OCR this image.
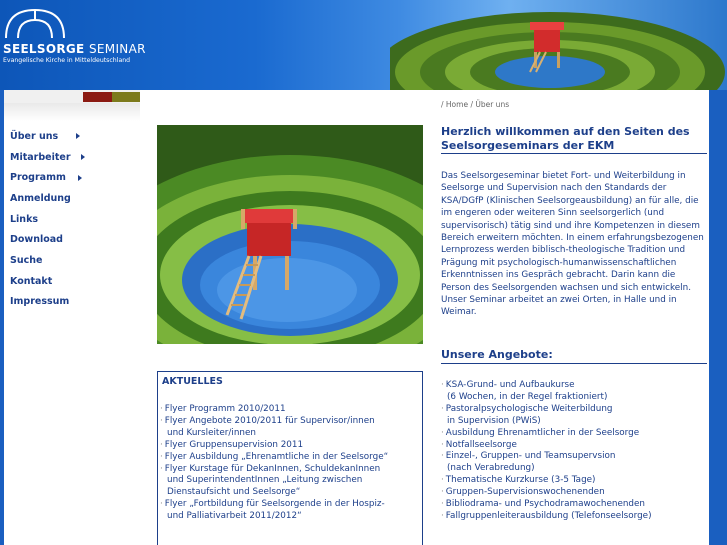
SEELSORGE SEMINAR
Evangelische Kirche in Mitteldeutschland
Über uns
Mitarbeiter
Programm
Anmeldung
Links
Download
Suche
Kontakt
Impressum
/ Home / Über uns
Herzlich willkommen auf den Seiten des Seelsorgeseminars der EKM
Das Seelsorgeseminar bietet Fort- und Weiterbildung in Seelsorge und Supervision nach den Standards der KSA/DGfP (Klinischen Seelsorgeausbildung) an für alle, die im engeren oder weiteren Sinn seelsorgerlich (und supervisorisch) tätig sind und ihre Kompetenzen in diesem Bereich erweitern möchten. In einem erfahrungsbezogenen Lernprozess werden biblisch-theologische Tradition und Prägung mit psychologisch-humanwissenschaftlichen Erkenntnissen ins Gespräch gebracht. Darin kann die Person des Seelsorgenden wachsen und sich entwickeln. Unser Seminar arbeitet an zwei Orten, in Halle und in Weimar.
Unsere Angebote:
· KSA-Grund- und Aufbaukurse
(6 Wochen, in der Regel fraktioniert)
· Pastoralpsychologische Weiterbildung
in Supervision (PWiS)
· Ausbildung Ehrenamtlicher in der Seelsorge
· Notfallseelsorge
· Einzel-, Gruppen- und Teamsupervsion
(nach Verabredung)
· Thematische Kurzkurse (3-5 Tage)
· Gruppen-Supervisionswochenenden
· Bibliodrama- und Psychodramawochenenden
· Fallgruppenleiterausbildung (Telefonseelsorge)
AKTUELLES
· Flyer Programm 2010/2011
· Flyer Angebote 2010/2011 für Supervisor/innen
und Kursleiter/innen
· Flyer Gruppensupervision 2011
· Flyer Ausbildung „Ehrenamtliche in der Seelsorge“
· Flyer Kurstage für DekanInnen, SchuldekanInnen
und SuperintendentInnen „Leitung zwischen
Dienstaufsicht und Seelsorge“
· Flyer „Fortbildung für Seelsorgende in der Hospiz-
und Palliativarbeit 2011/2012“
